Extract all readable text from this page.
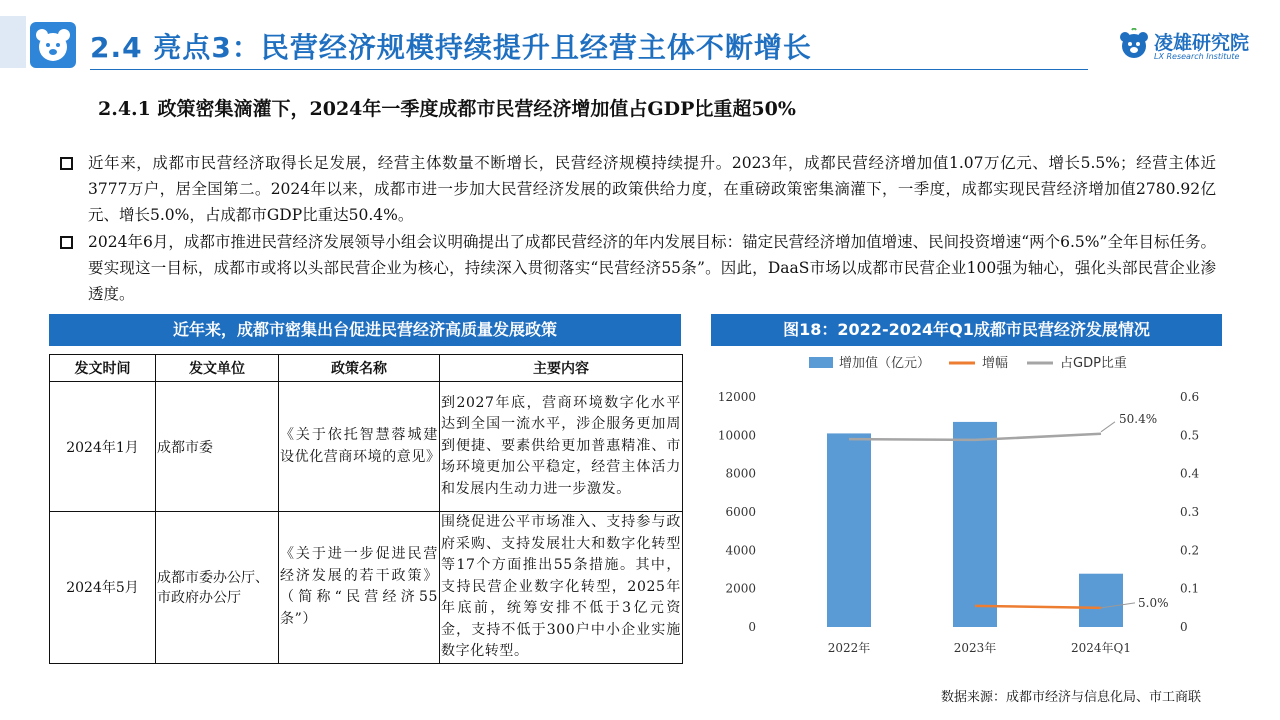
2.4 亮点3：民营经济规模持续提升且经营主体不断增长	凌雄研究院
LX Research Institute
2.4.1 政策密集滴灌下，2024年一季度成都市民营经济增加值占GDP比重超50%
近年来，成都市民营经济取得长足发展，经营主体数量不断增长，民营经济规模持续提升。2023年，成都民营经济增加值1.07万亿元、增长5.5%；经营主体近3777万户，居全国第二。2024年以来，成都市进一步加大民营经济发展的政策供给力度，在重磅政策密集滴灌下，一季度，成都实现民营经济增加值2780.92亿元、增长5.0%，占成都市GDP比重达50.4%。
2024年6月，成都市推进民营经济发展领导小组会议明确提出了成都民营经济的年内发展目标：锚定民营经济增加值增速、民间投资增速“两个6.5%”全年目标任务。要实现这一目标，成都市或将以头部民营企业为核心，持续深入贯彻落实“民营经济55条”。因此，DaaS市场以成都市民营企业100强为轴心，强化头部民营企业渗透度。
近年来，成都市密集出台促进民营经济高质量发展政策
发文时间	发文单位	政策名称	主要内容
2024年1月	成都市委	《关于依托智慧蓉城建设优化营商环境的意见》	到2027年底，营商环境数字化水平达到全国一流水平，涉企服务更加周到便捷、要素供给更加普惠精准、市场环境更加公平稳定，经营主体活力和发展内生动力进一步激发。
2024年5月	成都市委办公厅、市政府办公厅	《关于进一步促进民营经济发展的若干政策》（简称“民营经济55条”）	围绕促进公平市场准入、支持参与政府采购、支持发展壮大和数字化转型等17个方面推出55条措施。其中，支持民营企业数字化转型，2025年年底前，统筹安排不低于3亿元资金，支持不低于300户中小企业实施数字化转型。
图18：2022-2024年Q1成都市民营经济发展情况
0
2000
4000
6000
8000
10000
12000
0
0.1
0.2
0.3
0.4
0.5
0.6
2022年	2023年	2024年Q1
50.4%
5.0%
增加值（亿元）	增幅	占GDP比重
数据来源：成都市经济与信息化局、市工商联
